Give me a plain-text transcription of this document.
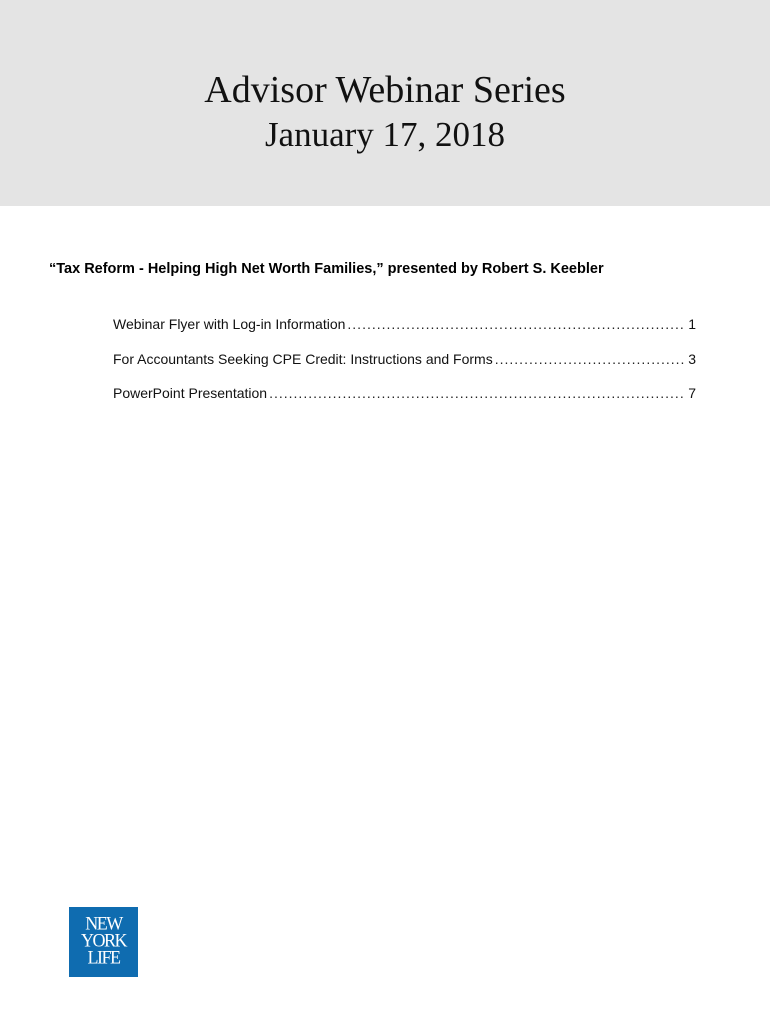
Advisor Webinar Series
January 17, 2018
“Tax Reform - Helping High Net Worth Families,” presented by Robert S. Keebler
Webinar Flyer with Log-in Information .....	1
For Accountants Seeking CPE Credit: Instructions and Forms .....	3
PowerPoint Presentation .....	7
NEW
YORK
LIFE
